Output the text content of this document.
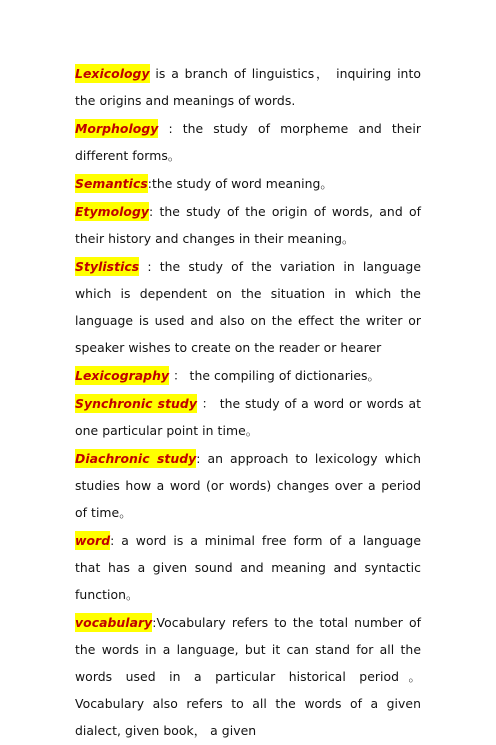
Lexicology is a branch of linguistics， inquiring into the origins and meanings of words.

Morphology : the study of morpheme and their different forms。

Semantics:the study of word meaning。

Etymology: the study of the origin of words, and of their history and changes in their meaning。

Stylistics : the study of the variation in language which is dependent on the situation in which the language is used and also on the effect the writer or speaker wishes to create on the reader or hearer

Lexicography ： the compiling of dictionaries。

Synchronic study ： the study of a word or words at one particular point in time。

Diachronic study: an approach to lexicology which studies how a word (or words) changes over a period of time。

word: a word is a minimal free form of a language that has a given sound and meaning and syntactic function。

vocabulary:Vocabulary refers to the total number of the words in a language, but it can stand for all the words used in a particular historical period。Vocabulary also refers to all the words of a given dialect, given book， a given
